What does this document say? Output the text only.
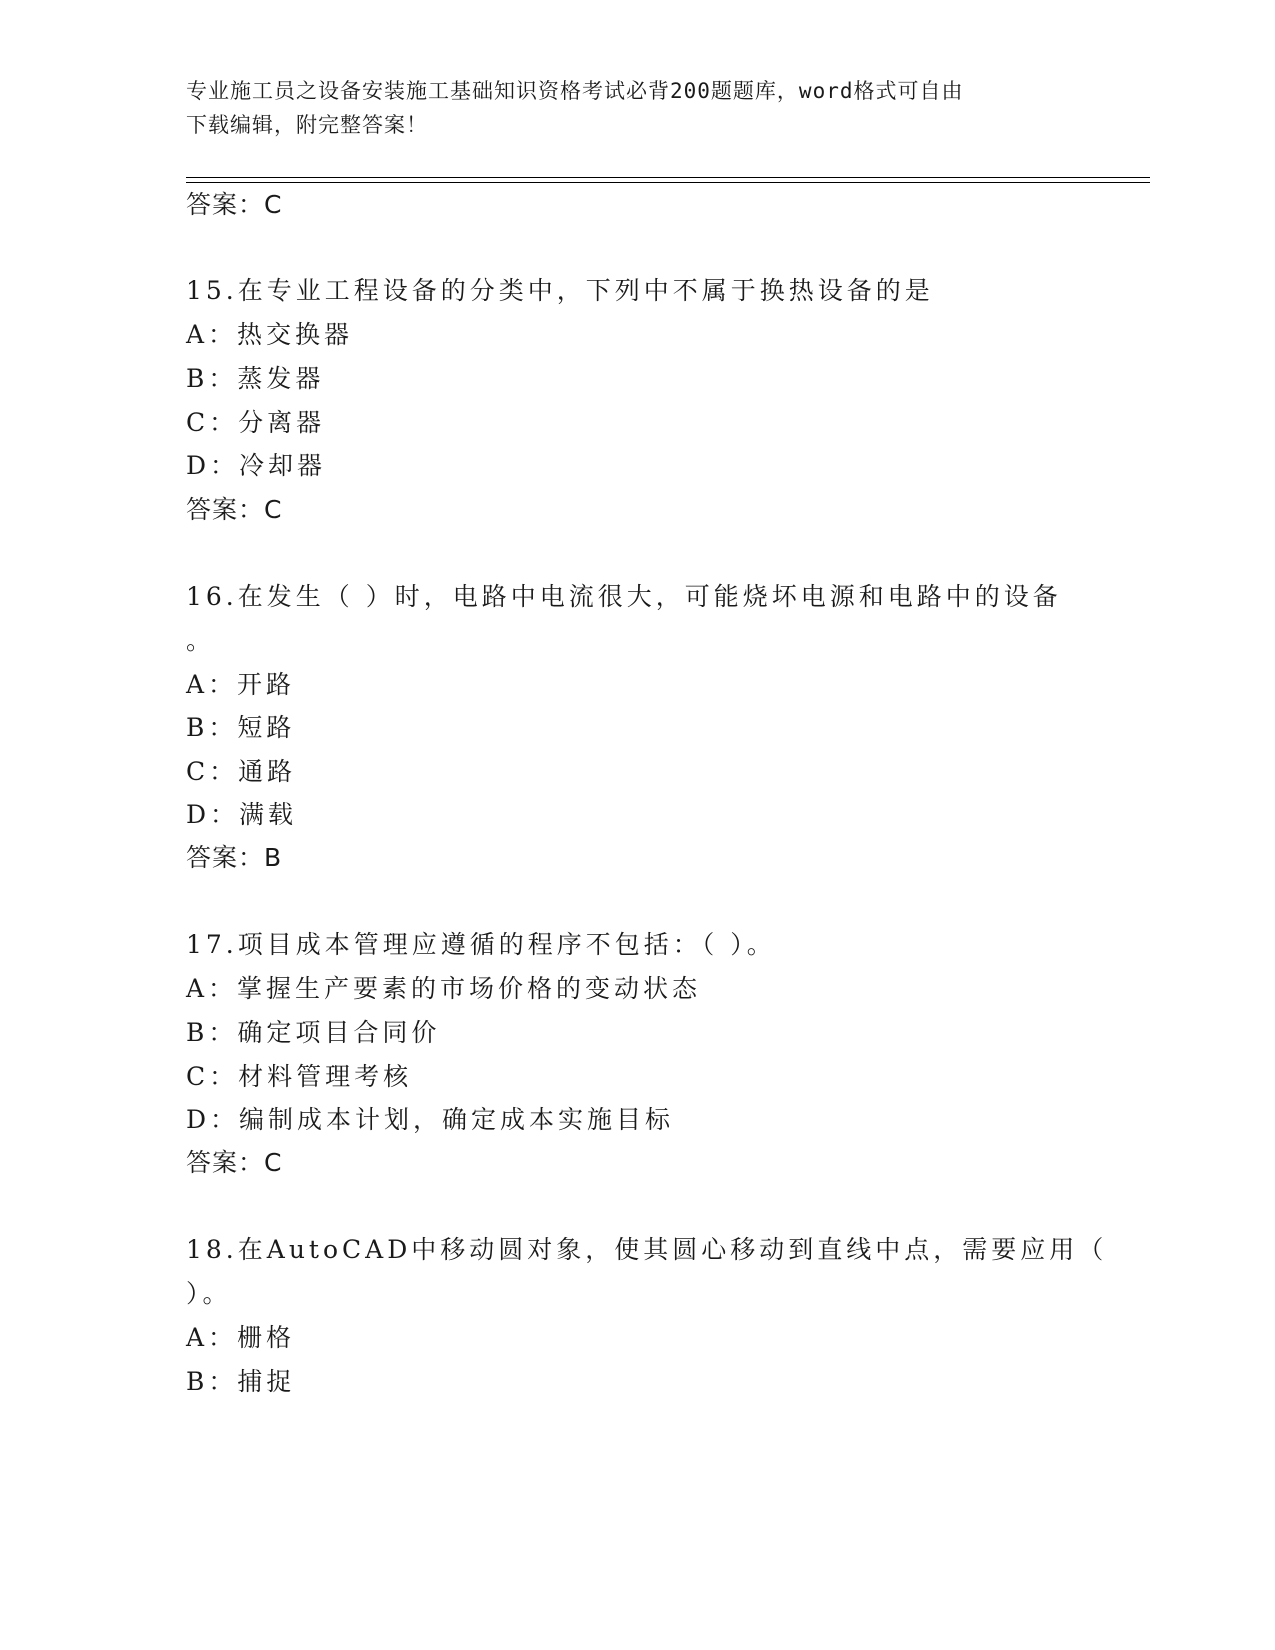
专业施工员之设备安装施工基础知识资格考试必背200题题库，word格式可自由
下载编辑，附完整答案！
答案：C
15.在专业工程设备的分类中，下列中不属于换热设备的是
A：热交换器
B：蒸发器
C：分离器
D：冷却器
答案：C
16.在发生（ ）时，电路中电流很大，可能烧坏电源和电路中的设备
。
A：开路
B：短路
C：通路
D：满载
答案：B
17.项目成本管理应遵循的程序不包括：（ ）。
A：掌握生产要素的市场价格的变动状态
B：确定项目合同价
C：材料管理考核
D：编制成本计划，确定成本实施目标
答案：C
18.在AutoCAD中移动圆对象，使其圆心移动到直线中点，需要应用（
）。
A：栅格
B：捕捉
